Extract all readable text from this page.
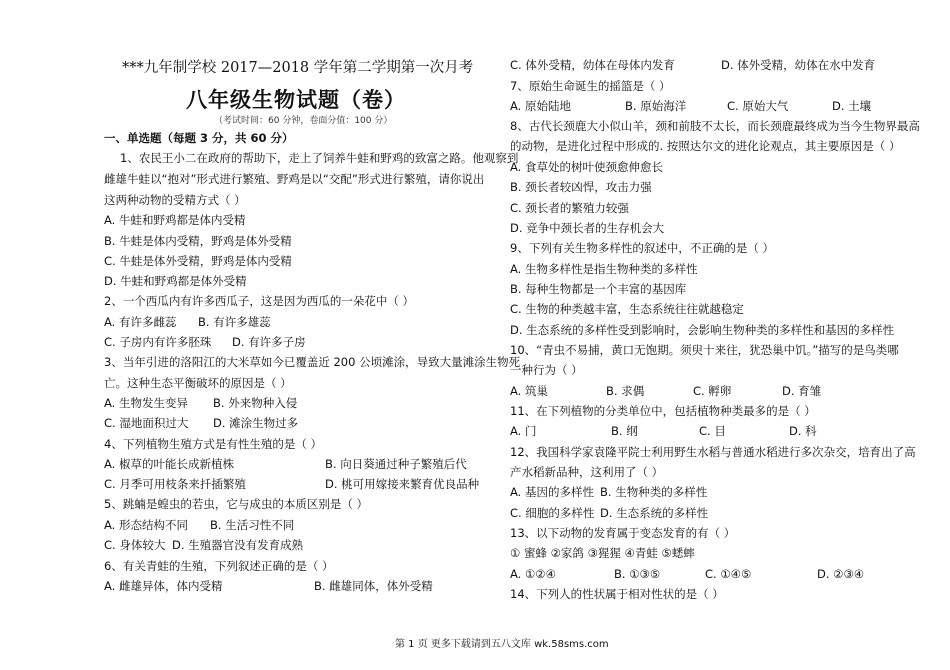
***九年制学校 2017—2018 学年第二学期第一次月考
八年级生物试题（卷）
（考试时间：60 分钟，卷面分值：100 分）
一、单选题（每题 3 分，共 60 分）
1、农民王小二在政府的帮助下，走上了饲养牛蛙和野鸡的致富之路。他观察到
雌雄牛蛙以“抱对”形式进行繁殖、野鸡是以“交配”形式进行繁殖，请你说出
这两种动物的受精方式（ ）
A. 牛蛙和野鸡都是体内受精
B. 牛蛙是体内受精，野鸡是体外受精
C. 牛蛙是体外受精，野鸡是体内受精
D. 牛蛙和野鸡都是体外受精
2、一个西瓜内有许多西瓜子，这是因为西瓜的一朵花中（ ）
A. 有许多雌蕊 B. 有许多雄蕊
C. 子房内有许多胚珠 D. 有许多子房
3、当年引进的洛阳江的大米草如今已覆盖近 200 公顷滩涂，导致大量滩涂生物死
亡。这种生态平衡破坏的原因是（ ）
A. 生物发生变异 B. 外来物种入侵
C. 湿地面积过大 D. 滩涂生物过多
4、下列植物生殖方式是有性生殖的是（ ）
A. 椒草的叶能长成新植株	B. 向日葵通过种子繁殖后代
C. 月季可用枝条来扦插繁殖	D. 桃可用嫁接来繁育优良品种
5、跳蝻是蝗虫的若虫，它与成虫的本质区别是（ ）
A. 形态结构不同 B. 生活习性不同
C. 身体较大 D. 生殖器官没有发育成熟
6、有关青蛙的生殖，下列叙述正确的是（ ）
A. 雌雄异体，体内受精	B. 雌雄同体，体外受精
C. 体外受精，幼体在母体内发育	D. 体外受精，幼体在水中发育
7、原始生命诞生的摇篮是（ ）
A. 原始陆地	B. 原始海洋	C. 原始大气	D. 土壤
8、古代长颈鹿大小似山羊，颈和前肢不太长，而长颈鹿最终成为当今生物界最高
的动物，是进化过程中形成的. 按照达尔文的进化论观点，其主要原因是（ ）
A. 食草处的树叶使颈愈伸愈长
B. 颈长者较凶悍，攻击力强
C. 颈长者的繁殖力较强
D. 竞争中颈长者的生存机会大
9、下列有关生物多样性的叙述中，不正确的是（ ）
A. 生物多样性是指生物种类的多样性
B. 每种生物都是一个丰富的基因库
C. 生物的种类越丰富，生态系统往往就越稳定
D. 生态系统的多样性受到影响时，会影响生物种类的多样性和基因的多样性
10、“青虫不易捕，黄口无饱期。须臾十来往，犹恐巢中饥。”描写的是鸟类哪
一种行为（ ）
A. 筑巢	B. 求偶	C. 孵卵	D. 育雏
11、在下列植物的分类单位中，包括植物种类最多的是（ ）
A. 门	B. 纲	C. 目	D. 科
12、我国科学家袁隆平院士利用野生水稻与普通水稻进行多次杂交，培育出了高
产水稻新品种，这利用了（ ）
A. 基因的多样性 B. 生物种类的多样性
C. 细胞的多样性 D. 生态系统的多样性
13、以下动物的发育属于变态发育的有（ ）
① 蜜蜂 ②家鸽 ③猩猩 ④青蛙 ⑤蟋蟀
A. ①②④	B. ①③⑤	C. ①④⑤	D. ②③④
14、下列人的性状属于相对性状的是（ ）
第 1 页 更多下载请到五八文库 wk.58sms.com
